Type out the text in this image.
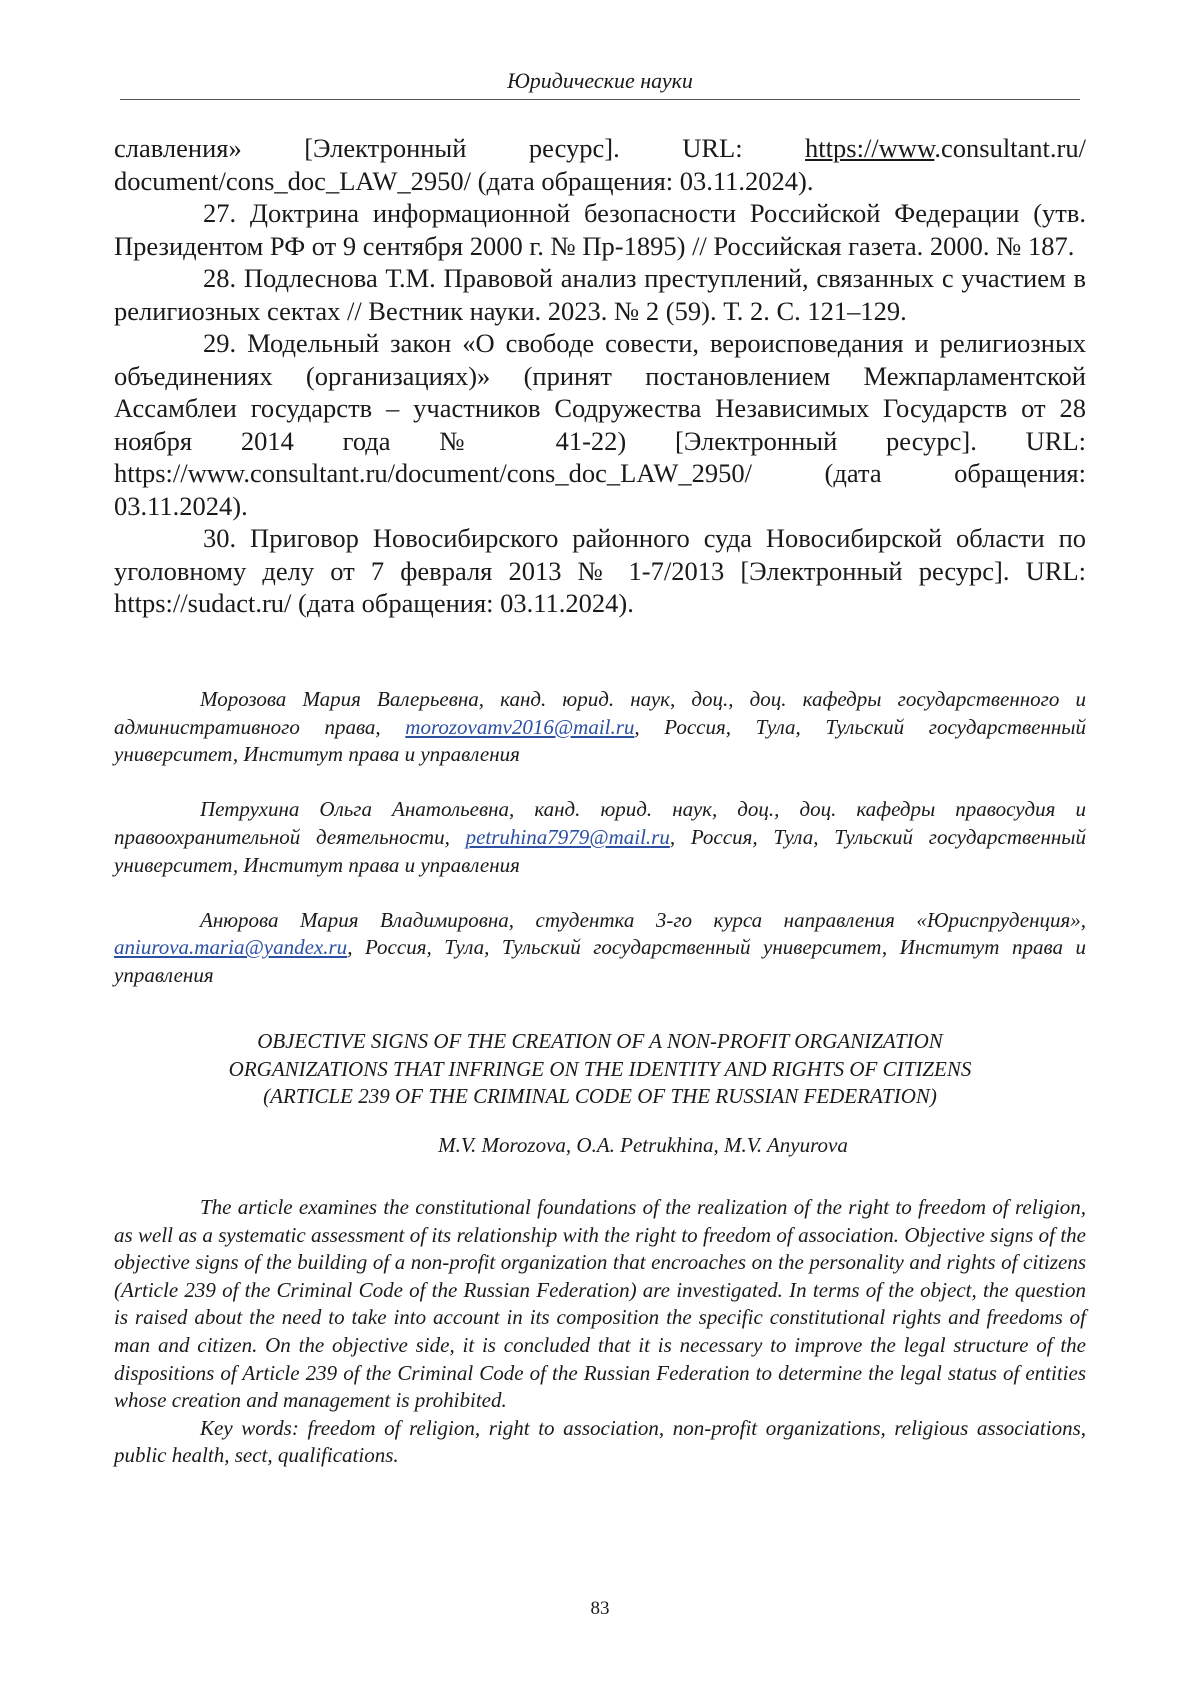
Юридические науки

славления» [Электронный ресурс]. URL: https://www.consultant.ru/ document/cons_doc_LAW_2950/ (дата обращения: 03.11.2024).

27. Доктрина информационной безопасности Российской Федерации (утв. Президентом РФ от 9 сентября 2000 г. № Пр-1895) // Российская газета. 2000. № 187.

28. Подлеснова Т.М. Правовой анализ преступлений, связанных с участием в религиозных сектах // Вестник науки. 2023. № 2 (59). Т. 2. С. 121–129.

29. Модельный закон «О свободе совести, вероисповедания и религиозных объединениях (организациях)» (принят постановлением Межпарламентской Ассамблеи государств – участников Содружества Независимых Государств от 28 ноября 2014 года № 41-22) [Электронный ресурс]. URL: https://www.consultant.ru/document/cons_doc_LAW_2950/ (дата обращения: 03.11.2024).

30. Приговор Новосибирского районного суда Новосибирской области по уголовному делу от 7 февраля 2013 № 1-7/2013 [Электронный ресурс]. URL: https://sudact.ru/ (дата обращения: 03.11.2024).

Морозова Мария Валерьевна, канд. юрид. наук, доц., доц. кафедры государственного и административного права, morozovamv2016@mail.ru, Россия, Тула, Тульский государственный университет, Институт права и управления

Петрухина Ольга Анатольевна, канд. юрид. наук, доц., доц. кафедры правосудия и правоохранительной деятельности, petruhina7979@mail.ru, Россия, Тула, Тульский государственный университет, Институт права и управления

Анюрова Мария Владимировна, студентка 3-го курса направления «Юриспруденция», aniurova.maria@yandex.ru, Россия, Тула, Тульский государственный университет, Институт права и управления

OBJECTIVE SIGNS OF THE CREATION OF A NON-PROFIT ORGANIZATION
ORGANIZATIONS THAT INFRINGE ON THE IDENTITY AND RIGHTS OF CITIZENS
(ARTICLE 239 OF THE CRIMINAL CODE OF THE RUSSIAN FEDERATION)
M.V. Morozova, O.A. Petrukhina, M.V. Anyurova

The article examines the constitutional foundations of the realization of the right to freedom of religion, as well as a systematic assessment of its relationship with the right to freedom of association. Objective signs of the objective signs of the building of a non-profit organization that encroaches on the personality and rights of citizens (Article 239 of the Criminal Code of the Russian Federation) are investigated. In terms of the object, the question is raised about the need to take into account in its composition the specific constitutional rights and freedoms of man and citizen. On the objective side, it is concluded that it is necessary to improve the legal structure of the dispositions of Article 239 of the Criminal Code of the Russian Federation to determine the legal status of entities whose creation and management is prohibited.

Key words: freedom of religion, right to association, non-profit organizations, religious associations, public health, sect, qualifications.

83
